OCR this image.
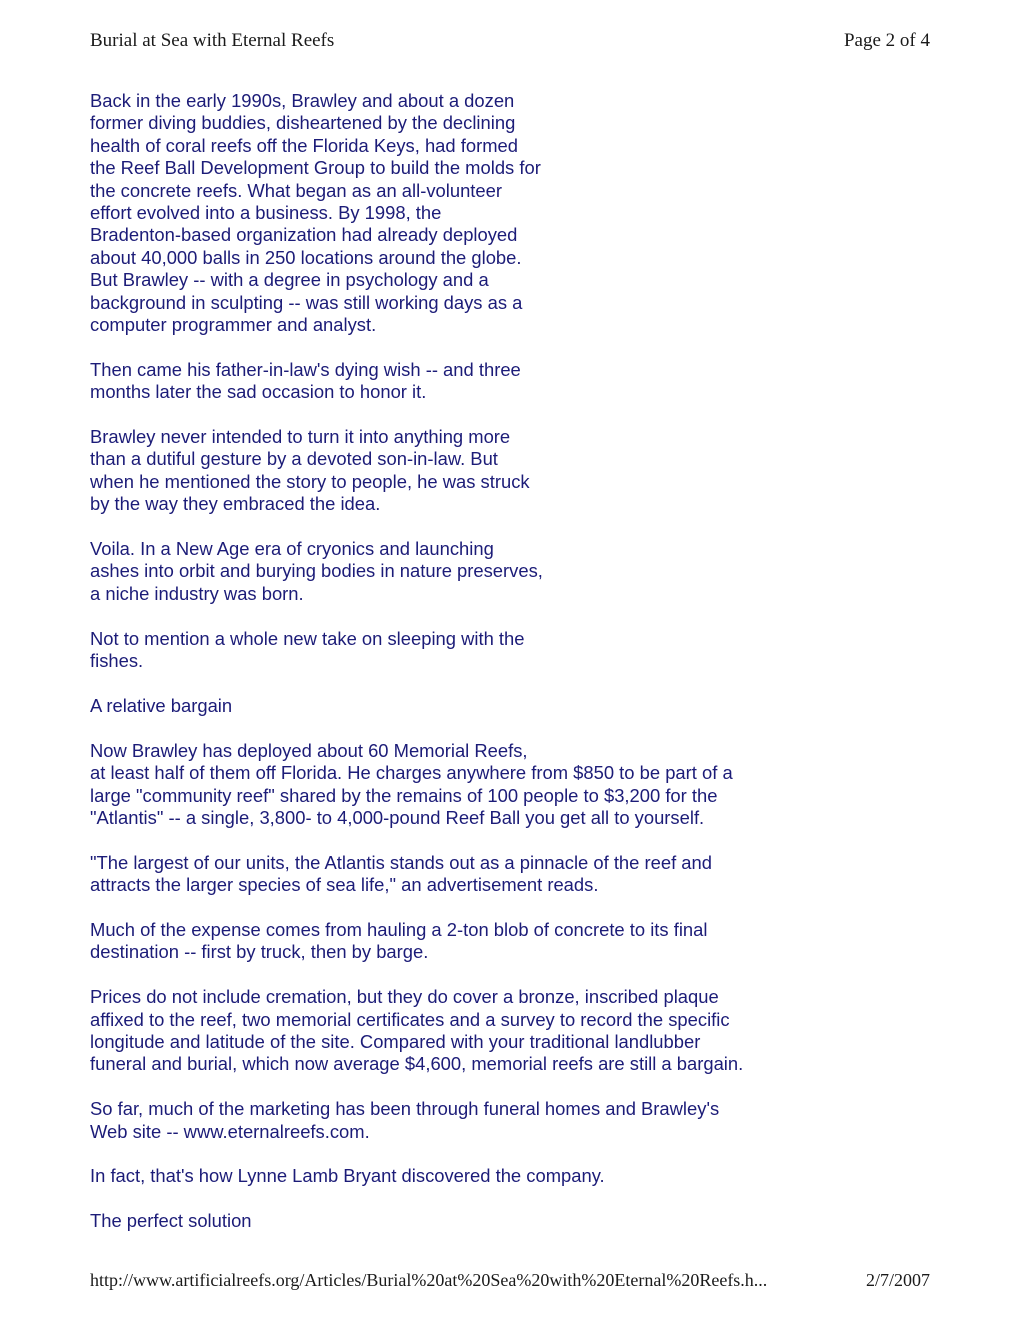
Burial at Sea with Eternal Reefs	Page 2 of 4
Back in the early 1990s, Brawley and about a dozen
former diving buddies, disheartened by the declining
health of coral reefs off the Florida Keys, had formed
the Reef Ball Development Group to build the molds for
the concrete reefs. What began as an all-volunteer
effort evolved into a business. By 1998, the
Bradenton-based organization had already deployed
about 40,000 balls in 250 locations around the globe.
But Brawley -- with a degree in psychology and a
background in sculpting -- was still working days as a
computer programmer and analyst.
Then came his father-in-law's dying wish -- and three
months later the sad occasion to honor it.
Brawley never intended to turn it into anything more
than a dutiful gesture by a devoted son-in-law. But
when he mentioned the story to people, he was struck
by the way they embraced the idea.
Voila. In a New Age era of cryonics and launching
ashes into orbit and burying bodies in nature preserves,
a niche industry was born.
Not to mention a whole new take on sleeping with the
fishes.
A relative bargain
Now Brawley has deployed about 60 Memorial Reefs,
at least half of them off Florida. He charges anywhere from $850 to be part of a
large "community reef" shared by the remains of 100 people to $3,200 for the
"Atlantis" -- a single, 3,800- to 4,000-pound Reef Ball you get all to yourself.
"The largest of our units, the Atlantis stands out as a pinnacle of the reef and
attracts the larger species of sea life," an advertisement reads.
Much of the expense comes from hauling a 2-ton blob of concrete to its final
destination -- first by truck, then by barge.
Prices do not include cremation, but they do cover a bronze, inscribed plaque
affixed to the reef, two memorial certificates and a survey to record the specific
longitude and latitude of the site. Compared with your traditional landlubber
funeral and burial, which now average $4,600, memorial reefs are still a bargain.
So far, much of the marketing has been through funeral homes and Brawley's
Web site -- www.eternalreefs.com.
In fact, that's how Lynne Lamb Bryant discovered the company.
The perfect solution
http://www.artificialreefs.org/Articles/Burial%20at%20Sea%20with%20Eternal%20Reefs.h...	2/7/2007
